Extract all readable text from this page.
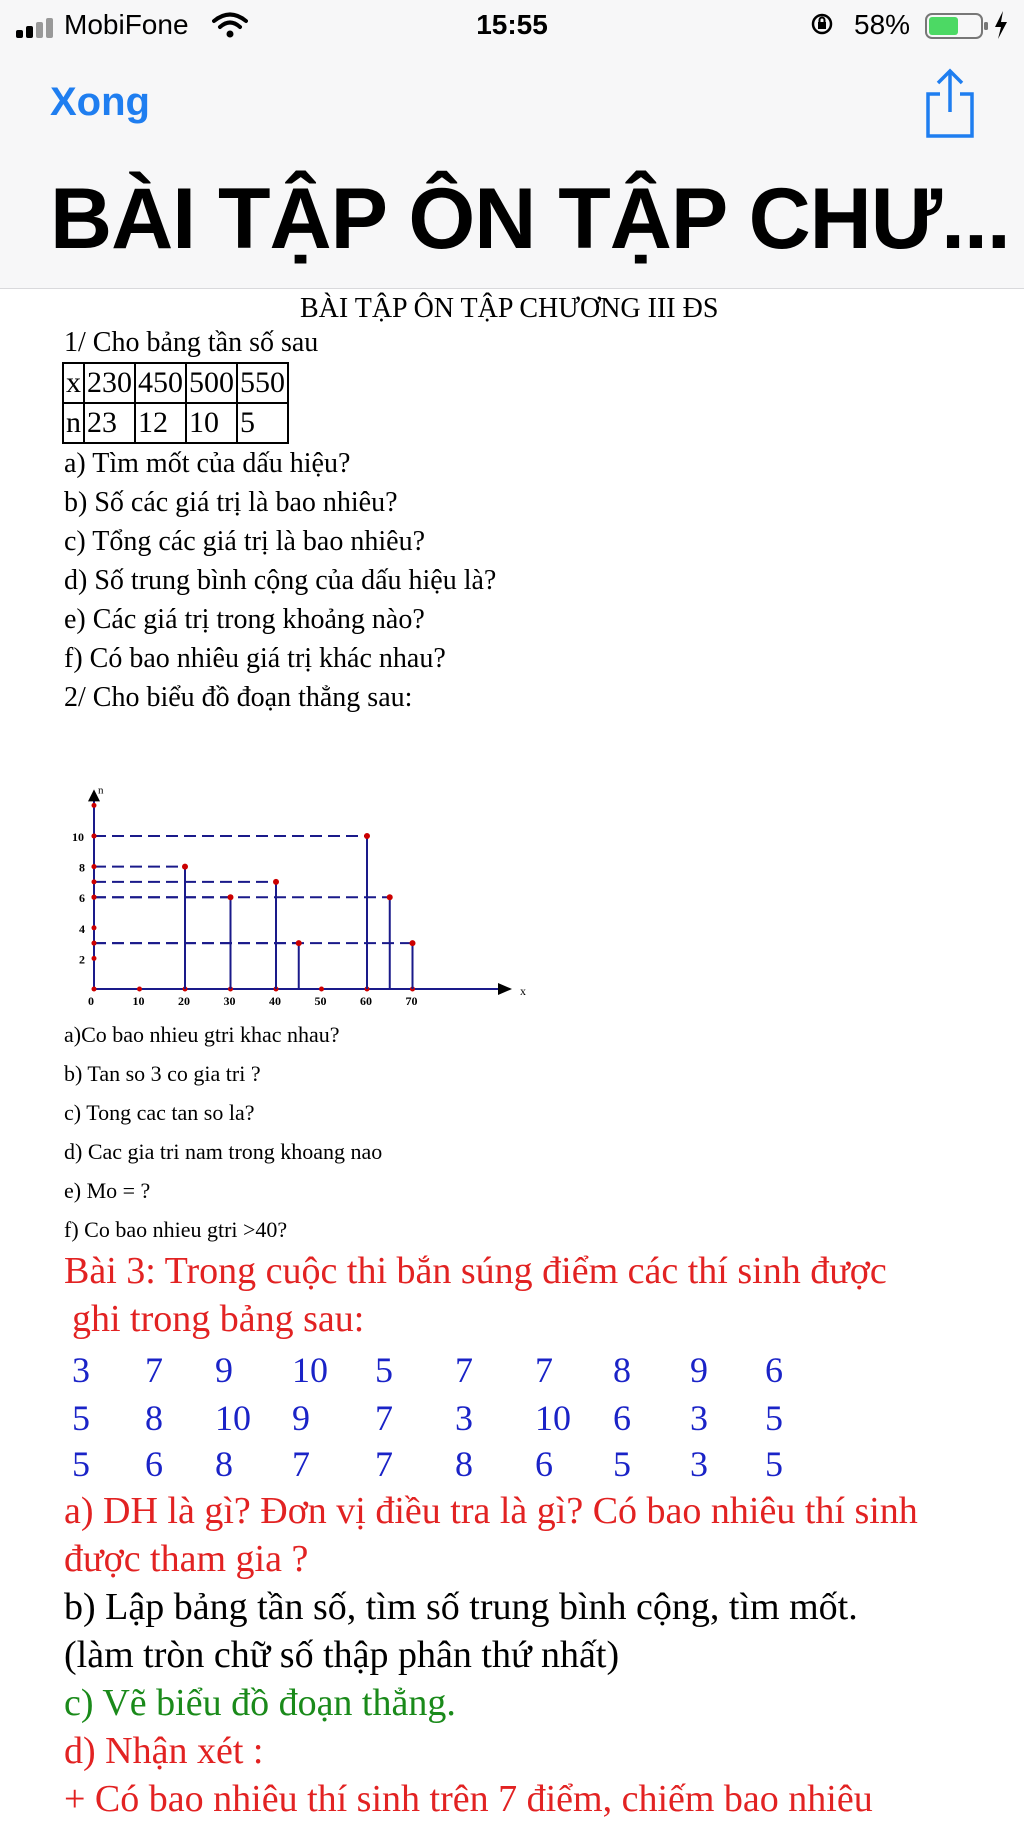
MobiFone	15:55	58%
Xong
BÀI TẬP ÔN TẬP CHƯ...
BÀI TẬP ÔN TẬP CHƯƠNG III ĐS
1/ Cho bảng tần số sau
x	230	450	500	550
n	23	12	10	5
a) Tìm mốt của dấu hiệu?
b) Số các giá trị là bao nhiêu?
c) Tổng các giá trị là bao nhiêu?
d) Số trung bình cộng của dấu hiệu là?
e) Các giá trị trong khoảng nào?
f) Có bao nhiêu giá trị khác nhau?
2/ Cho biểu đồ đoạn thẳng sau:
x
n
0	10	20	30	40	50	60	70
2
4
6
8
10
a)Co bao nhieu gtri khac nhau?
b) Tan so 3 co gia tri ?
c) Tong cac tan so la?
d) Cac gia tri nam trong khoang nao
e) Mo = ?
f) Co bao nhieu gtri >40?
Bài 3: Trong cuộc thi bắn súng điểm các thí sinh được
ghi trong bảng sau:
3 7 9 10 5 7 7 8 9 6
5 8 10 9 7 3 10 6 3 5
5 6 8 7 7 8 6 5 3 5
a) DH là gì? Đơn vị điều tra là gì? Có bao nhiêu thí sinh
được tham gia ?
b) Lập bảng tần số, tìm số trung bình cộng, tìm mốt.
(làm tròn chữ số thập phân thứ nhất)
c) Vẽ biểu đồ đoạn thẳng.
d) Nhận xét :
+ Có bao nhiêu thí sinh trên 7 điểm, chiếm bao nhiêu
